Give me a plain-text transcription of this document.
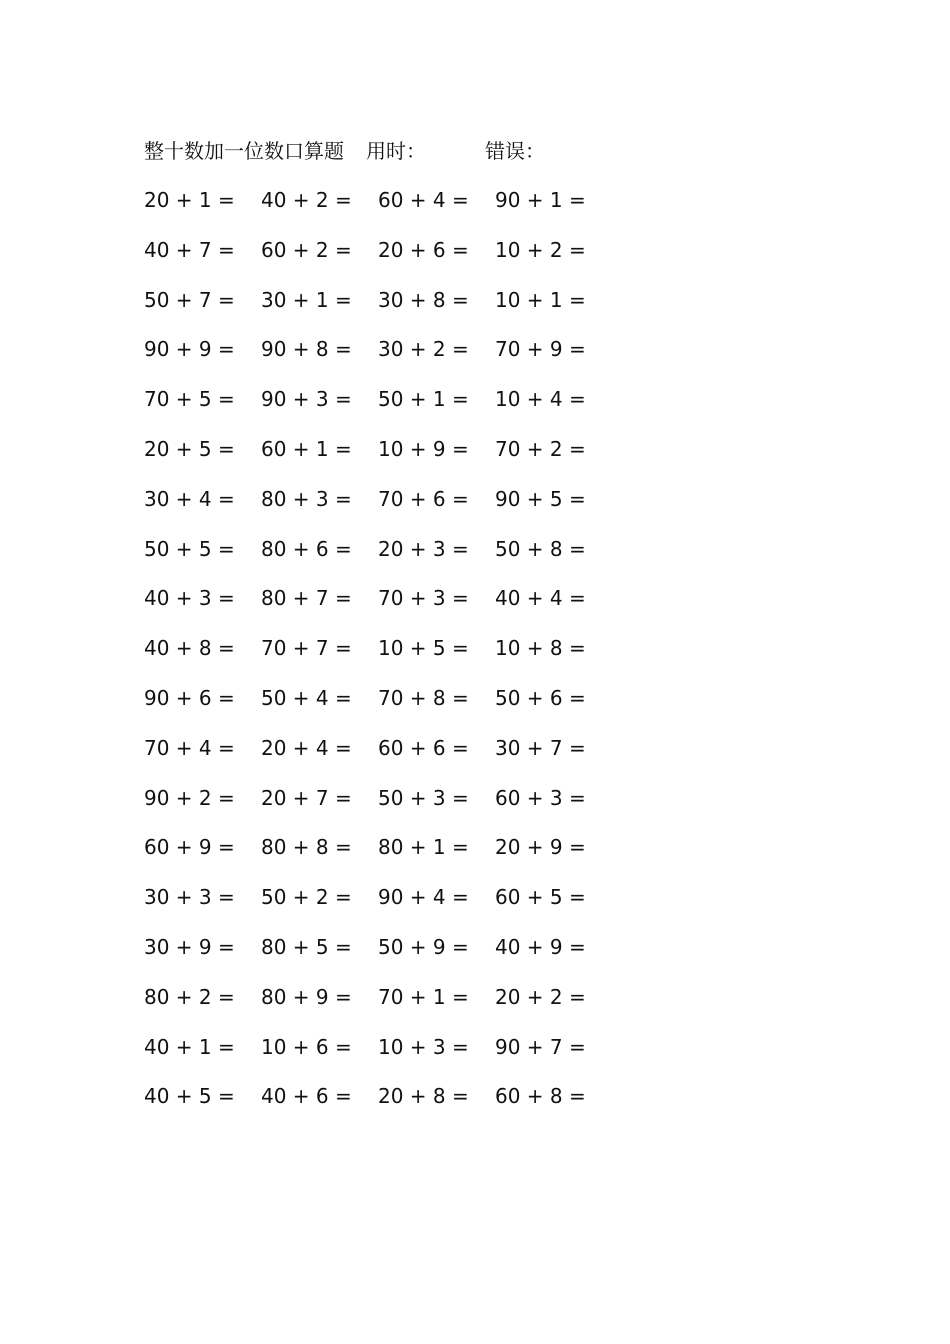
整十数加一位数口算题 用时：	错误：
20 + 1 = 40 + 2 = 60 + 4 = 90 + 1 =
40 + 7 = 60 + 2 = 20 + 6 = 10 + 2 =
50 + 7 = 30 + 1 = 30 + 8 = 10 + 1 =
90 + 9 = 90 + 8 = 30 + 2 = 70 + 9 =
70 + 5 = 90 + 3 = 50 + 1 = 10 + 4 =
20 + 5 = 60 + 1 = 10 + 9 = 70 + 2 =
30 + 4 = 80 + 3 = 70 + 6 = 90 + 5 =
50 + 5 = 80 + 6 = 20 + 3 = 50 + 8 =
40 + 3 = 80 + 7 = 70 + 3 = 40 + 4 =
40 + 8 = 70 + 7 = 10 + 5 = 10 + 8 =
90 + 6 = 50 + 4 = 70 + 8 = 50 + 6 =
70 + 4 = 20 + 4 = 60 + 6 = 30 + 7 =
90 + 2 = 20 + 7 = 50 + 3 = 60 + 3 =
60 + 9 = 80 + 8 = 80 + 1 = 20 + 9 =
30 + 3 = 50 + 2 = 90 + 4 = 60 + 5 =
30 + 9 = 80 + 5 = 50 + 9 = 40 + 9 =
80 + 2 = 80 + 9 = 70 + 1 = 20 + 2 =
40 + 1 = 10 + 6 = 10 + 3 = 90 + 7 =
40 + 5 = 40 + 6 = 20 + 8 = 60 + 8 =
